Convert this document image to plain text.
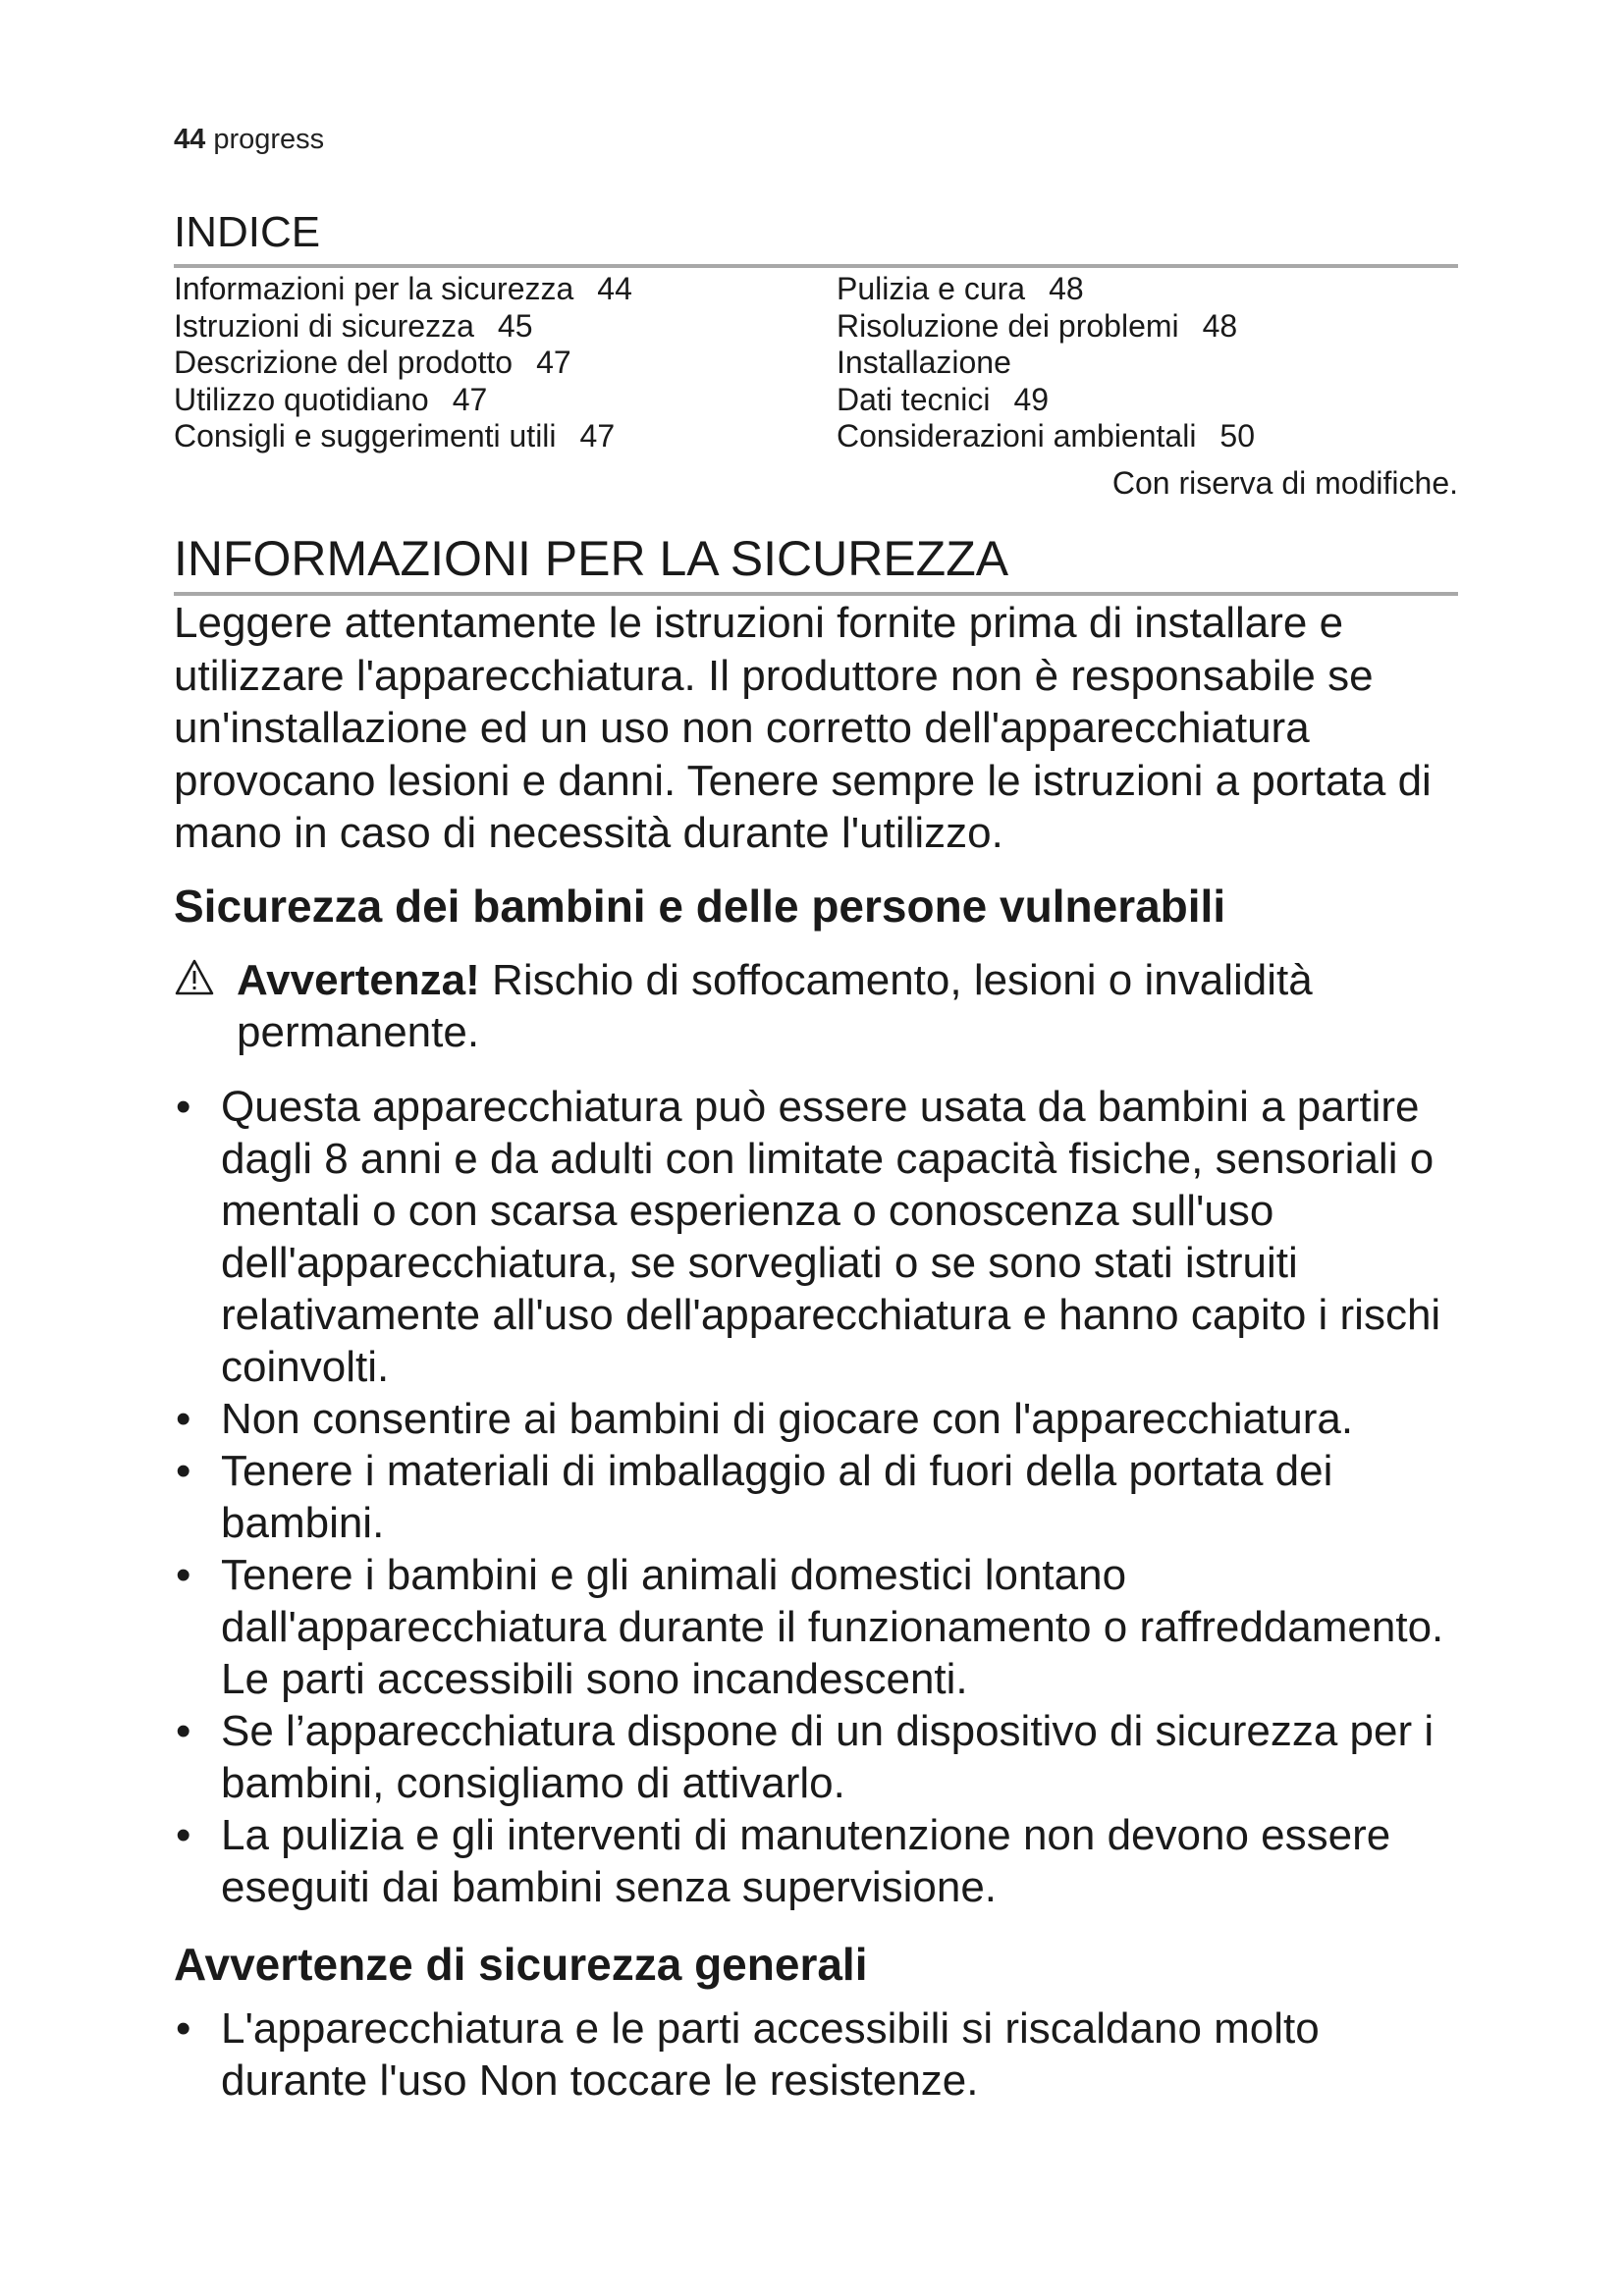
44 progress
INDICE
Informazioni per la sicurezza 44
Istruzioni di sicurezza 45
Descrizione del prodotto 47
Utilizzo quotidiano 47
Consigli e suggerimenti utili 47
Pulizia e cura 48
Risoluzione dei problemi 48
Installazione
Dati tecnici 49
Considerazioni ambientali 50
Con riserva di modifiche.
INFORMAZIONI PER LA SICUREZZA

Leggere attentamente le istruzioni fornite prima di installare e utilizzare l'apparecchiatura. Il produttore non è responsabile se un'installazione ed un uso non corretto dell'apparecchiatura provocano lesioni e danni. Tenere sempre le istruzioni a portata di mano in caso di necessità durante l'utilizzo.

Sicurezza dei bambini e delle persone vulnerabili
Avvertenza! Rischio di soffocamento, lesioni o invalidità permanente.
• Questa apparecchiatura può essere usata da bambini a partire dagli 8 anni e da adulti con limitate capacità fisiche, sensoriali o mentali o con scarsa esperienza o conoscenza sull'uso dell'apparecchiatura, se sorvegliati o se sono stati istruiti relativamente all'uso dell'apparecchiatura e hanno capito i rischi coinvolti.
• Non consentire ai bambini di giocare con l'apparecchiatura.
• Tenere i materiali di imballaggio al di fuori della portata dei bambini.
• Tenere i bambini e gli animali domestici lontano dall'apparecchiatura durante il funzionamento o raffreddamento. Le parti accessibili sono incandescenti.
• Se l’apparecchiatura dispone di un dispositivo di sicurezza per i bambini, consigliamo di attivarlo.
• La pulizia e gli interventi di manutenzione non devono essere eseguiti dai bambini senza supervisione.
Avvertenze di sicurezza generali
• L'apparecchiatura e le parti accessibili si riscaldano molto durante l'uso Non toccare le resistenze.
